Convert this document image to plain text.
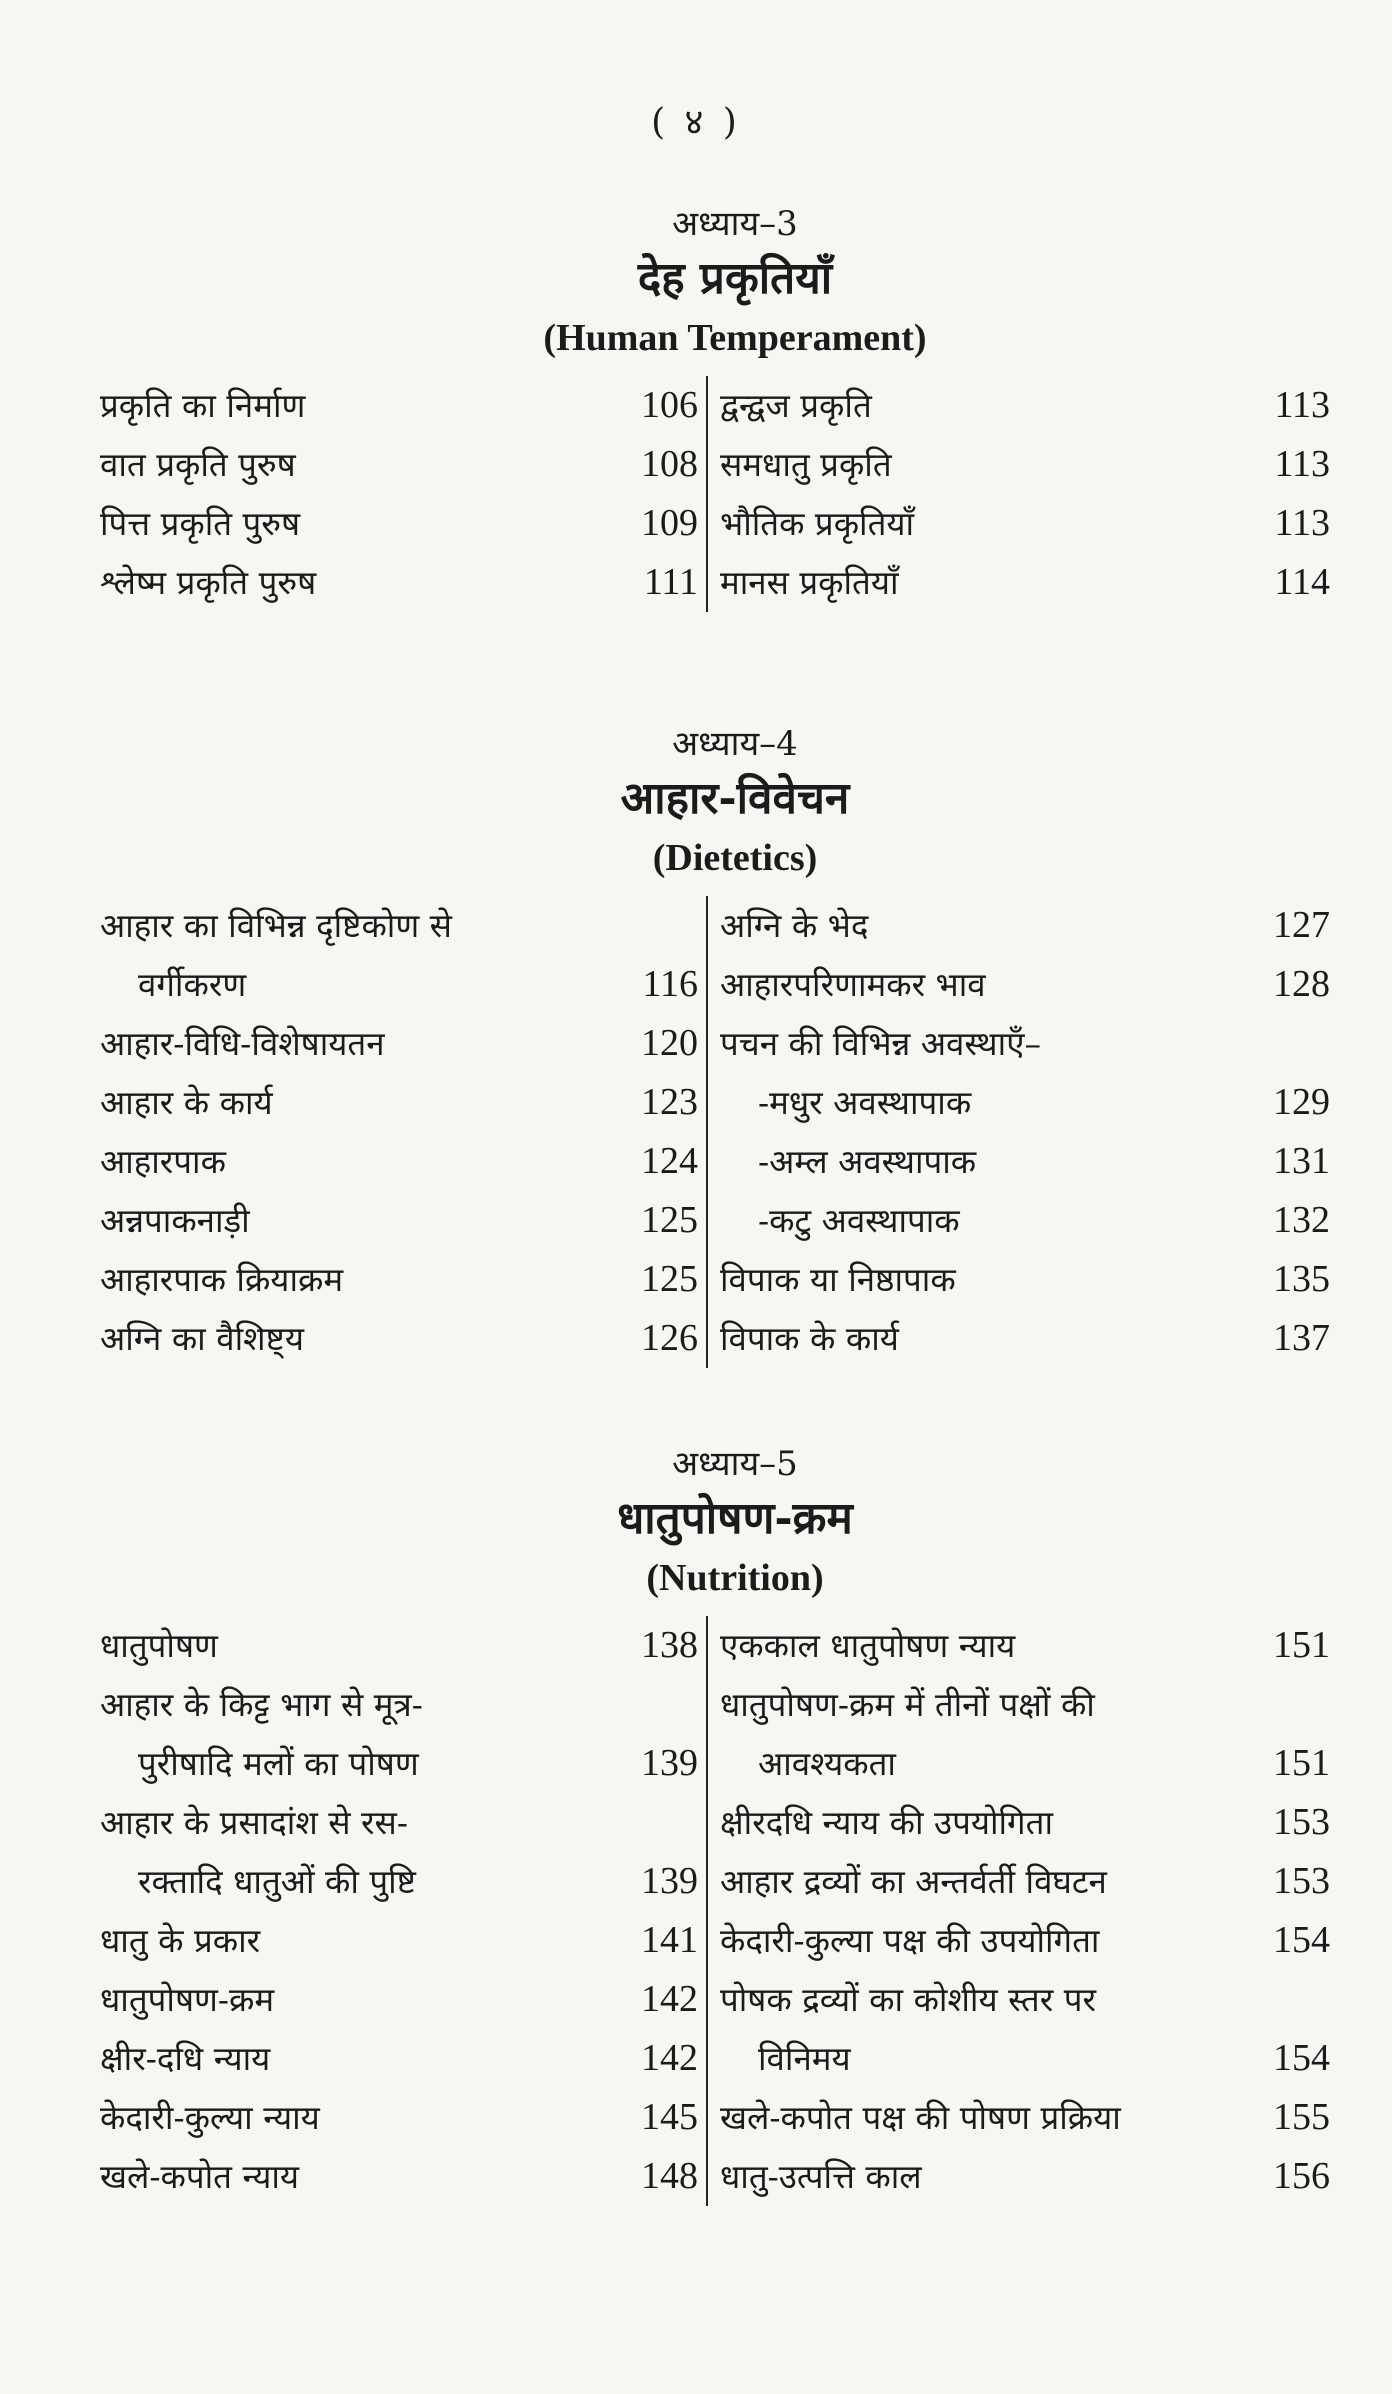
( ४ )
अध्याय–3
देह प्रकृतियाँ
(Human Temperament)
प्रकृति का निर्माण	106
वात प्रकृति पुरुष	108
पित्त प्रकृति पुरुष	109
श्लेष्म प्रकृति पुरुष	111
द्वन्द्वज प्रकृति	113
समधातु प्रकृति	113
भौतिक प्रकृतियाँ	113
मानस प्रकृतियाँ	114
अध्याय–4
आहार-विवेचन
(Dietetics)
आहार का विभिन्न दृष्टिकोण से
वर्गीकरण	116
आहार-विधि-विशेषायतन	120
आहार के कार्य	123
आहारपाक	124
अन्नपाकनाड़ी	125
आहारपाक क्रियाक्रम	125
अग्नि का वैशिष्ट्य	126
अग्नि के भेद	127
आहारपरिणामकर भाव	128
पचन की विभिन्न अवस्थाएँ–
-मधुर अवस्थापाक	129
-अम्ल अवस्थापाक	131
-कटु अवस्थापाक	132
विपाक या निष्ठापाक	135
विपाक के कार्य	137
अध्याय–5
धातुपोषण-क्रम
(Nutrition)
धातुपोषण	138
आहार के किट्ट भाग से मूत्र-
पुरीषादि मलों का पोषण	139
आहार के प्रसादांश से रस-
रक्तादि धातुओं की पुष्टि	139
धातु के प्रकार	141
धातुपोषण-क्रम	142
क्षीर-दधि न्याय	142
केदारी-कुल्या न्याय	145
खले-कपोत न्याय	148
एककाल धातुपोषण न्याय	151
धातुपोषण-क्रम में तीनों पक्षों की
आवश्यकता	151
क्षीरदधि न्याय की उपयोगिता	153
आहार द्रव्यों का अन्तर्वर्ती विघटन	153
केदारी-कुल्या पक्ष की उपयोगिता	154
पोषक द्रव्यों का कोशीय स्तर पर
विनिमय	154
खले-कपोत पक्ष की पोषण प्रक्रिया	155
धातु-उत्पत्ति काल	156
